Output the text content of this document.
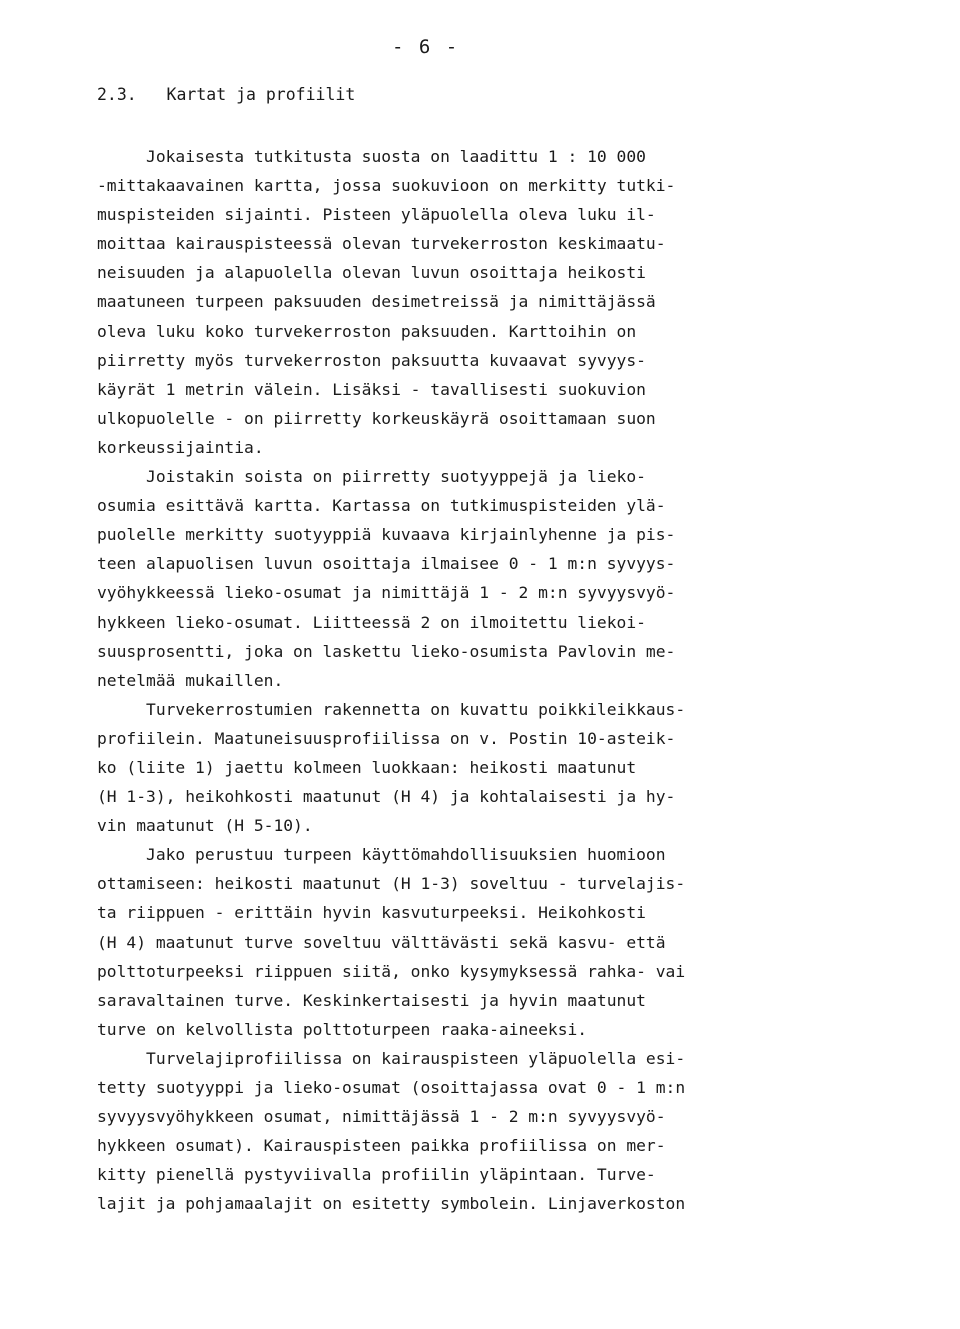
- 6 -
2.3.   Kartat ja profiilit
Jokaisesta tutkitusta suosta on laadittu 1 : 10 000
-mittakaavainen kartta, jossa suokuvioon on merkitty tutki-
muspisteiden sijainti. Pisteen yläpuolella oleva luku il-
moittaa kairauspisteessä olevan turvekerroston keskimaatu-
neisuuden ja alapuolella olevan luvun osoittaja heikosti
maatuneen turpeen paksuuden desimetreissä ja nimittäjässä
oleva luku koko turvekerroston paksuuden. Karttoihin on
piirretty myös turvekerroston paksuutta kuvaavat syvyys-
käyrät 1 metrin välein. Lisäksi - tavallisesti suokuvion
ulkopuolelle - on piirretty korkeuskäyrä osoittamaan suon
korkeussijaintia.
Joistakin soista on piirretty suotyyppejä ja lieko-
osumia esittävä kartta. Kartassa on tutkimuspisteiden ylä-
puolelle merkitty suotyyppiä kuvaava kirjainlyhenne ja pis-
teen alapuolisen luvun osoittaja ilmaisee 0 - 1 m:n syvyys-
vyöhykkeessä lieko-osumat ja nimittäjä 1 - 2 m:n syvyysvyö-
hykkeen lieko-osumat. Liitteessä 2 on ilmoitettu liekoi-
suusprosentti, joka on laskettu lieko-osumista Pavlovin me-
netelmää mukaillen.
Turvekerrostumien rakennetta on kuvattu poikkileikkaus-
profiilein. Maatuneisuusprofiilissa on v. Postin 10-asteik-
ko (liite 1) jaettu kolmeen luokkaan: heikosti maatunut
(H 1-3), heikohkosti maatunut (H 4) ja kohtalaisesti ja hy-
vin maatunut (H 5-10).
Jako perustuu turpeen käyttömahdollisuuksien huomioon
ottamiseen: heikosti maatunut (H 1-3) soveltuu - turvelajis-
ta riippuen - erittäin hyvin kasvuturpeeksi. Heikohkosti
(H 4) maatunut turve soveltuu välttävästi sekä kasvu- että
polttoturpeeksi riippuen siitä, onko kysymyksessä rahka- vai
saravaltainen turve. Keskinkertaisesti ja hyvin maatunut
turve on kelvollista polttoturpeen raaka-aineeksi.
Turvelajiprofiilissa on kairauspisteen yläpuolella esi-
tetty suotyyppi ja lieko-osumat (osoittajassa ovat 0 - 1 m:n
syvyysvyöhykkeen osumat, nimittäjässä 1 - 2 m:n syvyysvyö-
hykkeen osumat). Kairauspisteen paikka profiilissa on mer-
kitty pienellä pystyviivalla profiilin yläpintaan. Turve-
lajit ja pohjamaalajit on esitetty symbolein. Linjaverkoston
